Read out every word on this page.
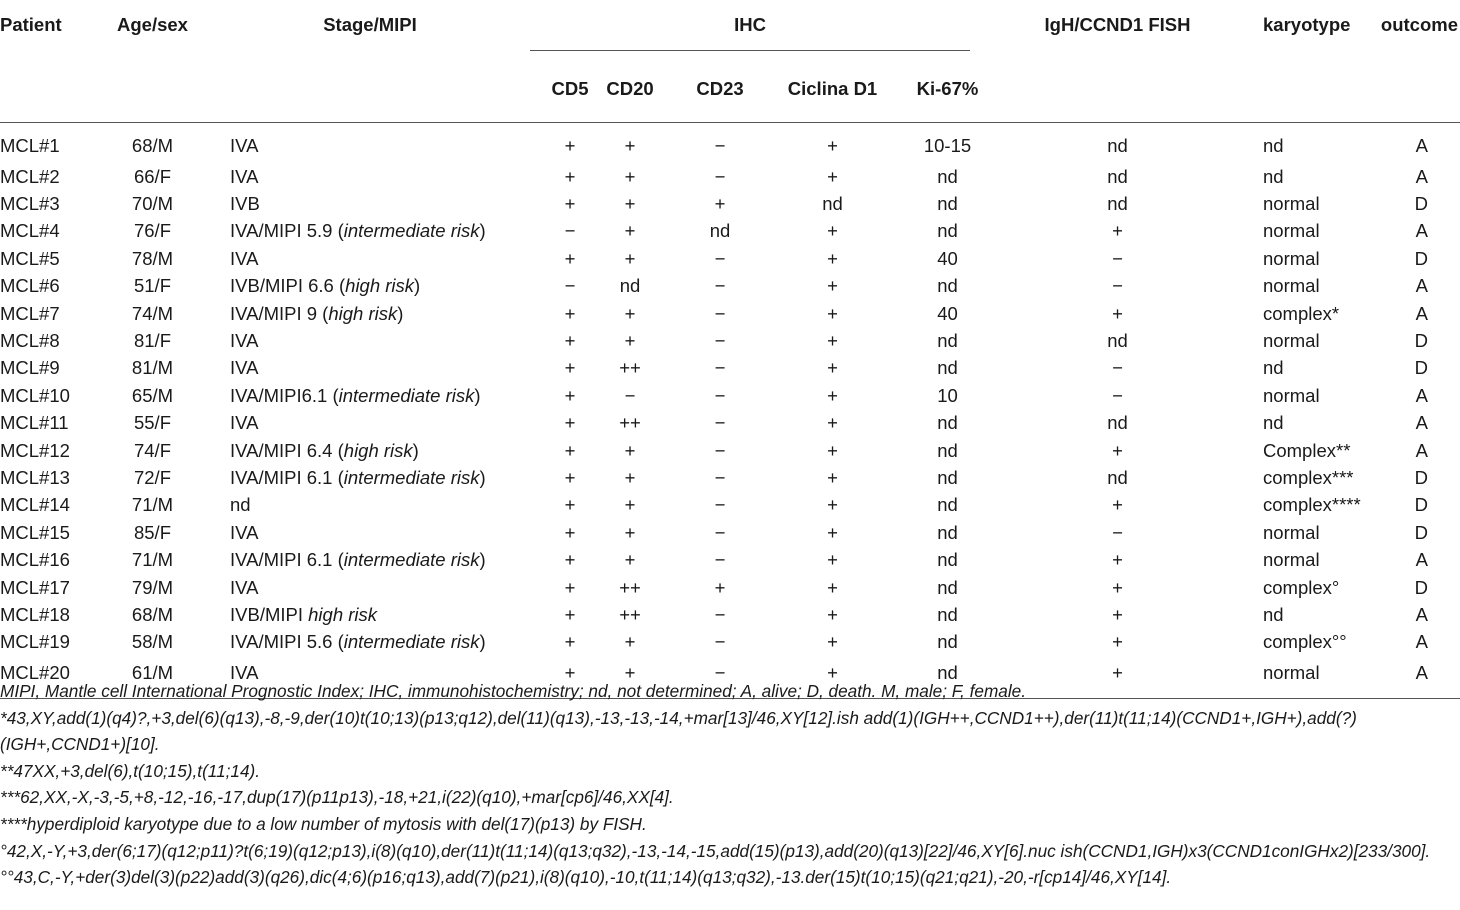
Patient	Age/sex	Stage/MIPI	IHC					IgH/CCND1 FISH	karyotype	outcome
			CD5	CD20	CD23	Ciclina D1	Ki-67%			
MCL#1	68/M	IVA	+	+	−	+	10-15	nd	nd	A
MCL#2	66/F	IVA	+	+	−	+	nd	nd	nd	A
MCL#3	70/M	IVB	+	+	+	nd	nd	nd	normal	D
MCL#4	76/F	IVA/MIPI 5.9 (intermediate risk)	−	+	nd	+	nd	+	normal	A
MCL#5	78/M	IVA	+	+	−	+	40	−	normal	D
MCL#6	51/F	IVB/MIPI 6.6 (high risk)	−	nd	−	+	nd	−	normal	A
MCL#7	74/M	IVA/MIPI 9 (high risk)	+	+	−	+	40	+	complex*	A
MCL#8	81/F	IVA	+	+	−	+	nd	nd	normal	D
MCL#9	81/M	IVA	+	++	−	+	nd	−	nd	D
MCL#10	65/M	IVA/MIPI6.1 (intermediate risk)	+	−	−	+	10	−	normal	A
MCL#11	55/F	IVA	+	++	−	+	nd	nd	nd	A
MCL#12	74/F	IVA/MIPI 6.4 (high risk)	+	+	−	+	nd	+	Complex**	A
MCL#13	72/F	IVA/MIPI 6.1 (intermediate risk)	+	+	−	+	nd	nd	complex***	D
MCL#14	71/M	nd	+	+	−	+	nd	+	complex****	D
MCL#15	85/F	IVA	+	+	−	+	nd	−	normal	D
MCL#16	71/M	IVA/MIPI 6.1 (intermediate risk)	+	+	−	+	nd	+	normal	A
MCL#17	79/M	IVA	+	++	+	+	nd	+	complex°	D
MCL#18	68/M	IVB/MIPI high risk	+	++	−	+	nd	+	nd	A
MCL#19	58/M	IVA/MIPI 5.6 (intermediate risk)	+	+	−	+	nd	+	complex°°	A
MCL#20	61/M	IVA	+	+	−	+	nd	+	normal	A
MIPI, Mantle cell International Prognostic Index; IHC, immunohistochemistry; nd, not determined; A, alive; D, death. M, male; F, female.
*43,XY,add(1)(q4)?,+3,del(6)(q13),-8,-9,der(10)t(10;13)(p13;q12),del(11)(q13),-13,-13,-14,+mar[13]/46,XY[12].ish add(1)(IGH++,CCND1++),der(11)t(11;14)(CCND1+,IGH+),add(?)(IGH+,CCND1+)[10].
**47XX,+3,del(6),t(10;15),t(11;14).
***62,XX,-X,-3,-5,+8,-12,-16,-17,dup(17)(p11p13),-18,+21,i(22)(q10),+mar[cp6]/46,XX[4].
****hyperdiploid karyotype due to a low number of mytosis with del(17)(p13) by FISH.
°42,X,-Y,+3,der(6;17)(q12;p11)?t(6;19)(q12;p13),i(8)(q10),der(11)t(11;14)(q13;q32),-13,-14,-15,add(15)(p13),add(20)(q13)[22]/46,XY[6].nuc ish(CCND1,IGH)x3(CCND1conIGHx2)[233/300].
°°43,C,-Y,+der(3)del(3)(p22)add(3)(q26),dic(4;6)(p16;q13),add(7)(p21),i(8)(q10),-10,t(11;14)(q13;q32),-13.der(15)t(10;15)(q21;q21),-20,-r[cp14]/46,XY[14].
